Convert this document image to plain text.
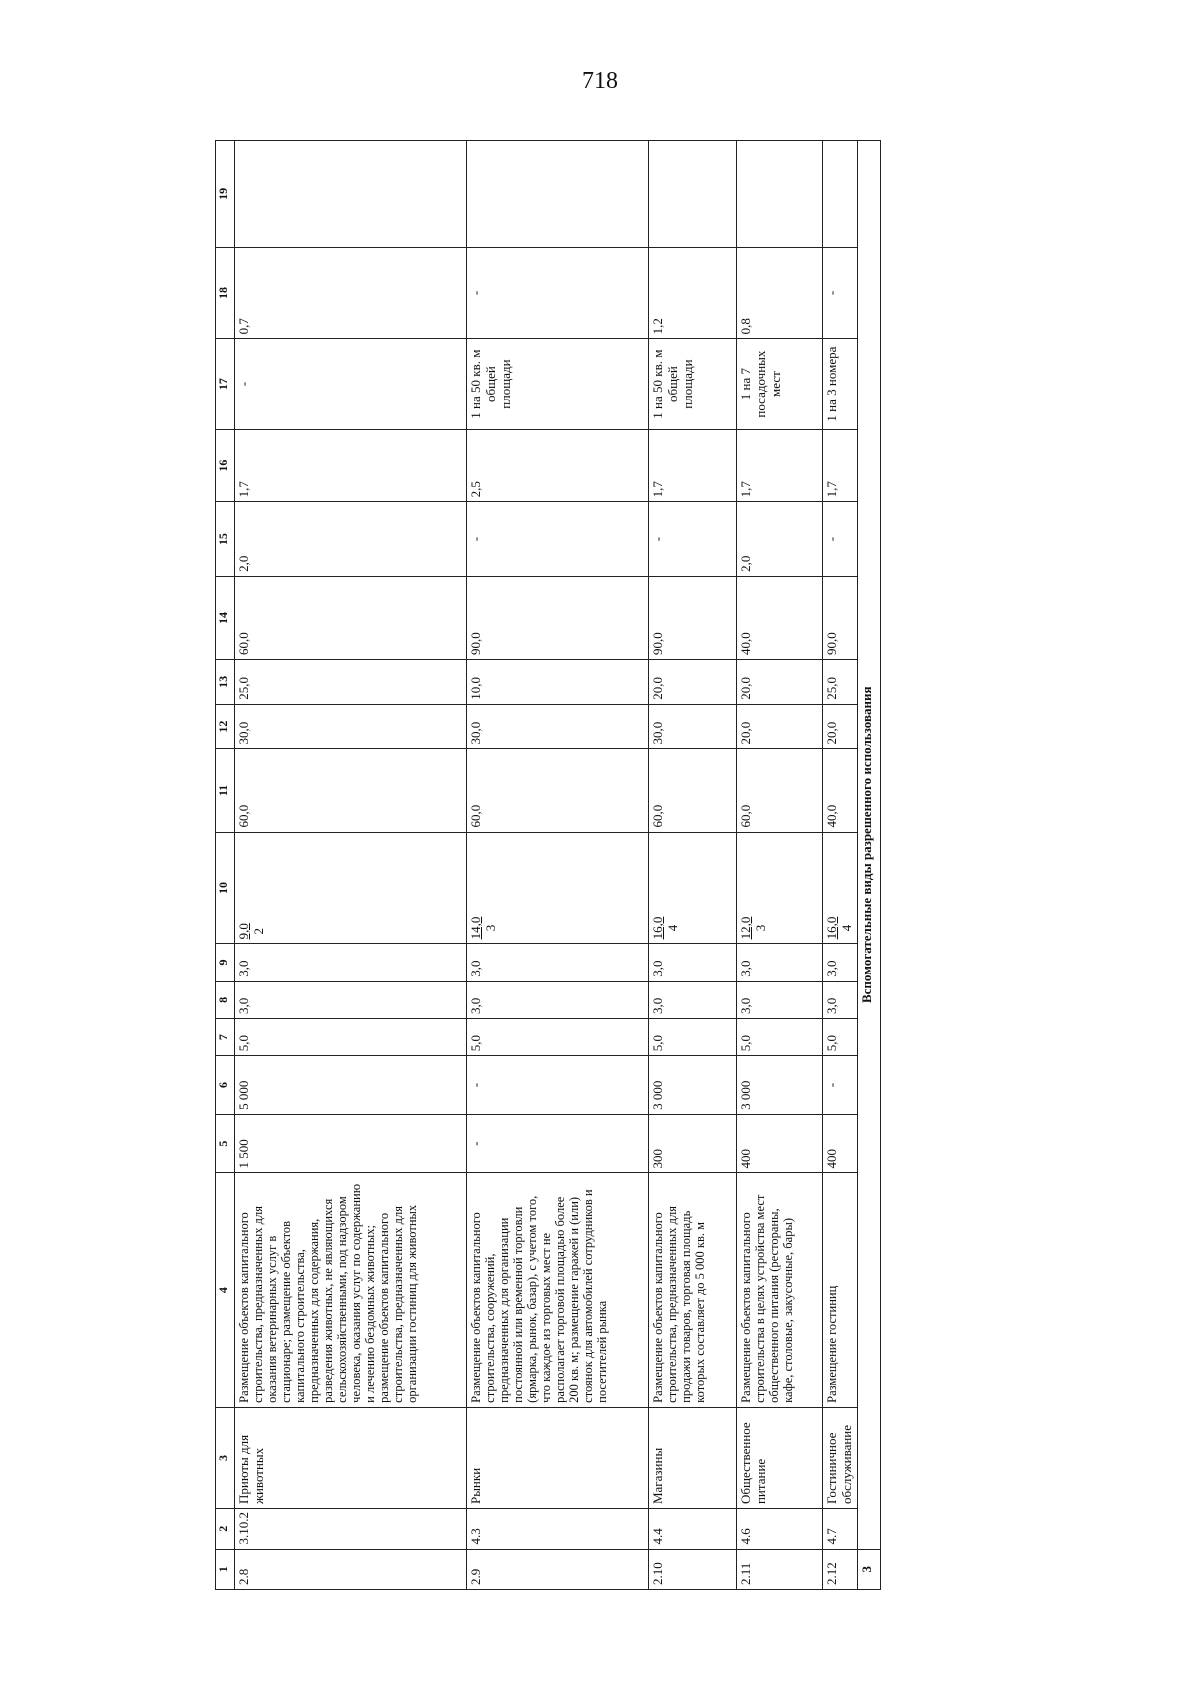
718
1	2	3	4	5	6	7	8	9	10	11	12	13	14	15	16	17	18	19
2.8	3.10.2	Приюты для животных	Размещение объектов капитального строительства, предназначенных для оказания ветеринарных услуг в стационаре; размещение объектов капитального строительства, предназначенных для содержания, разведения животных, не являющихся сельскохозяйственными, под надзором человека, оказания услуг по содержанию и лечению бездомных животных; размещение объектов капитального строительства, предназначенных для организации гостиниц для животных	1 500	5 000	5,0	3,0	3,0	9,0 2	60,0	30,0	25,0	60,0	2,0	1,7	-	0,7	
2.9	4.3	Рынки	Размещение объектов капитального строительства, сооружений, предназначенных для организации постоянной или временной торговли (ярмарка, рынок, базар), с учетом того, что каждое из торговых мест не располагает торговой площадью более 200 кв. м; размещение гаражей и (или) стоянок для автомобилей сотрудников и посетителей рынка	-	-	5,0	3,0	3,0	14,0 3	60,0	30,0	10,0	90,0	-	2,5	1 на 50 кв. м общей площади	-	
2.10	4.4	Магазины	Размещение объектов капитального строительства, предназначенных для продажи товаров, торговая площадь которых составляет до 5 000 кв. м	300	3 000	5,0	3,0	3,0	16,0 4	60,0	30,0	20,0	90,0	-	1,7	1 на 50 кв. м общей площади	1,2	
2.11	4.6	Общественное питание	Размещение объектов капитального строительства в целях устройства мест общественного питания (рестораны, кафе, столовые, закусочные, бары)	400	3 000	5,0	3,0	3,0	12,0 3	60,0	20,0	20,0	40,0	2,0	1,7	1 на 7 посадочных мест	0,8	
2.12	4.7	Гостиничное обслуживание	Размещение гостиниц	400	-	5,0	3,0	3,0	16,0 4	40,0	20,0	25,0	90,0	-	1,7	1 на 3 номера	-	
3	Вспомогательные виды разрешенного использования																	
